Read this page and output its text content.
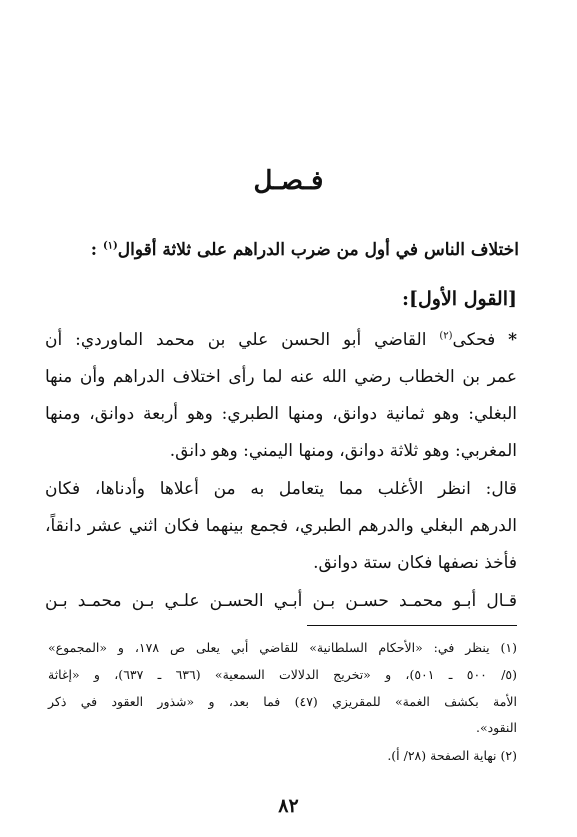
فـصـل
اختلاف الناس في أول من ضرب الدراهم على ثلاثة أقوال$^{(١)}$ :
[القول الأول]:
* فحكى$^{(٢)}$ القاضي أبو الحسن علي بن محمد الماوردي: أن
عمر بن الخطاب رضي الله عنه لما رأى اختلاف الدراهم وأن منها
البغلي: وهو ثمانية دوانق، ومنها الطبري: وهو أربعة دوانق، ومنها
المغربي: وهو ثلاثة دوانق، ومنها اليمني: وهو دانق.
قال: انظر الأغلب مما يتعامل به من أعلاها وأدناها، فكان
الدرهم البغلي والدرهم الطبري، فجمع بينهما فكان اثني عشر دانقاً،
فأخذ نصفها فكان ستة دوانق.
قـال أبـو محمـد حسـن بـن أبـي الحسـن علـي بـن محمـد بـن
(١) ينظر في: «الأحكام السلطانية» للقاضي أبي يعلى ص ١٧٨، و «المجموع»
(٥/ ٥٠٠ ـ ٥٠١)، و «تخريج الدلالات السمعية» (٦٣٦ ـ ٦٣٧)، و «إغاثة
الأمة بكشف الغمة» للمقريزي (٤٧) فما بعد، و «شذور العقود في ذكر
النقود».
(٢) نهاية الصفحة (٢٨/ أ).
٨٢
